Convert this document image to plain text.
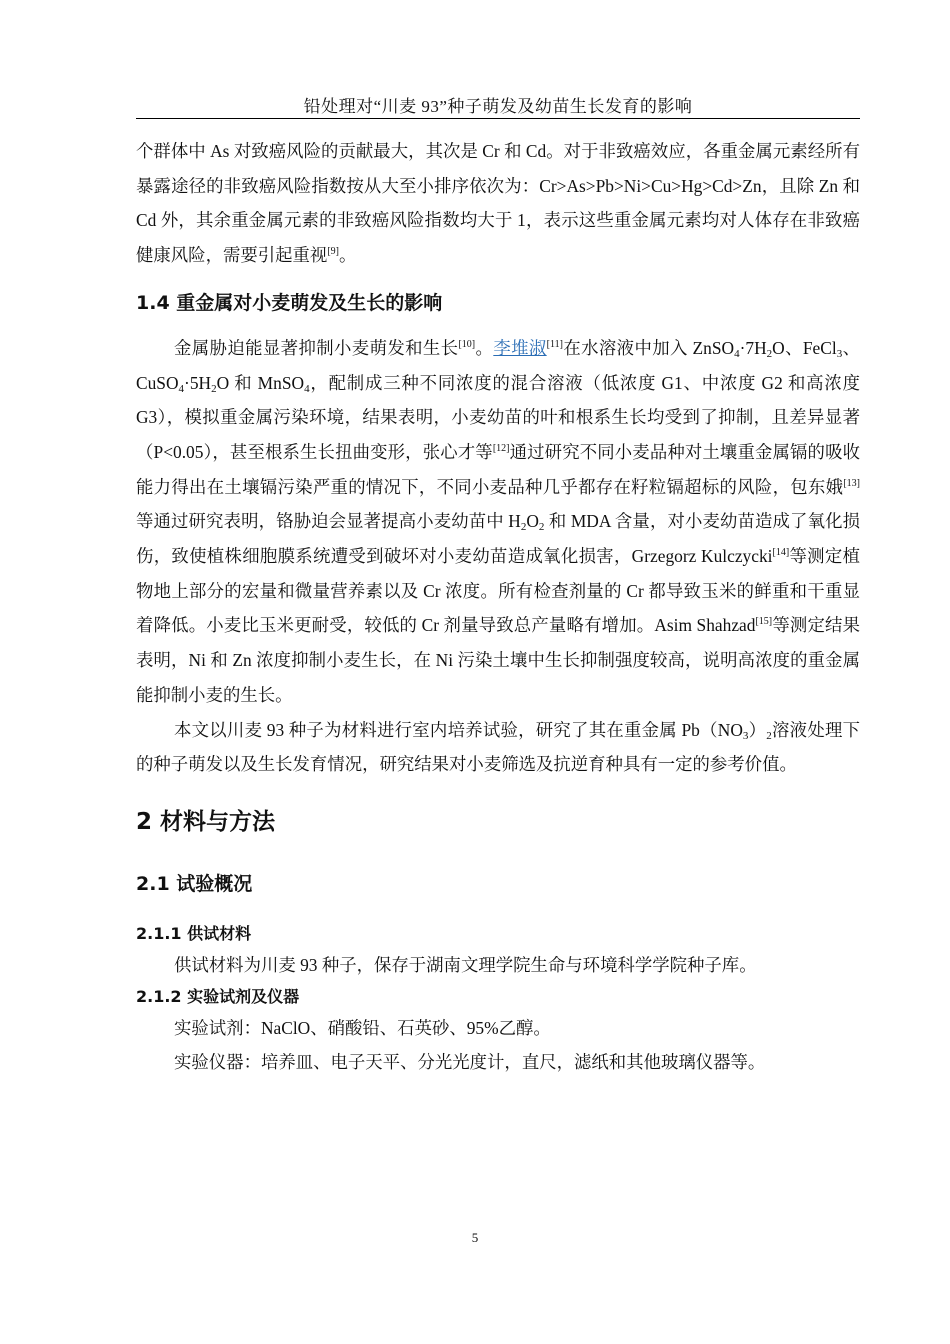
铅处理对“川麦 93”种子萌发及幼苗生长发育的影响

个群体中 As 对致癌风险的贡献最大，其次是 Cr 和 Cd。对于非致癌效应，各重金属元素经所有暴露途径的非致癌风险指数按从大至小排序依次为：Cr>As>Pb>Ni>Cu>Hg>Cd>Zn，且除 Zn 和 Cd 外，其余重金属元素的非致癌风险指数均大于 1，表示这些重金属元素均对人体存在非致癌健康风险，需要引起重视[9]。

1.4 重金属对小麦萌发及生长的影响

金属胁迫能显著抑制小麦萌发和生长[10]。李堆淑[11]在水溶液中加入 $ZnSO_4\cdot 7H_2O$、FeCl$_3$、$CuSO_4\cdot 5H_2O$ 和 MnSO$_4$，配制成三种不同浓度的混合溶液（低浓度 G1、中浓度 G2 和高浓度 G3），模拟重金属污染环境，结果表明，小麦幼苗的叶和根系生长均受到了抑制，且差异显著（P<0.05），甚至根系生长扭曲变形，张心才等[12]通过研究不同小麦品种对土壤重金属镉的吸收能力得出在土壤镉污染严重的情况下，不同小麦品种几乎都存在籽粒镉超标的风险，包东娥[13]等通过研究表明，铬胁迫会显著提高小麦幼苗中 $H_2O_2$ 和 MDA 含量，对小麦幼苗造成了氧化损伤，致使植株细胞膜系统遭受到破坏对小麦幼苗造成氧化损害，Grzegorz Kulczycki[14]等测定植物地上部分的宏量和微量营养素以及 Cr 浓度。所有检查剂量的 Cr 都导致玉米的鲜重和干重显着降低。小麦比玉米更耐受，较低的 Cr 剂量导致总产量略有增加。Asim Shahzad[15]等测定结果表明，Ni 和 Zn 浓度抑制小麦生长，在 Ni 污染土壤中生长抑制强度较高，说明高浓度的重金属能抑制小麦的生长。

本文以川麦 93 种子为材料进行室内培养试验，研究了其在重金属 $Pb(NO_3)_2$溶液处理下的种子萌发以及生长发育情况，研究结果对小麦筛选及抗逆育种具有一定的参考价值。

2 材料与方法
2.1 试验概况
2.1.1 供试材料

供试材料为川麦 93 种子，保存于湖南文理学院生命与环境科学学院种子库。

2.1.2 实验试剂及仪器

实验试剂：NaClO、硝酸铅、石英砂、95%乙醇。

实验仪器：培养皿、电子天平、分光光度计，直尺，滤纸和其他玻璃仪器等。

5
